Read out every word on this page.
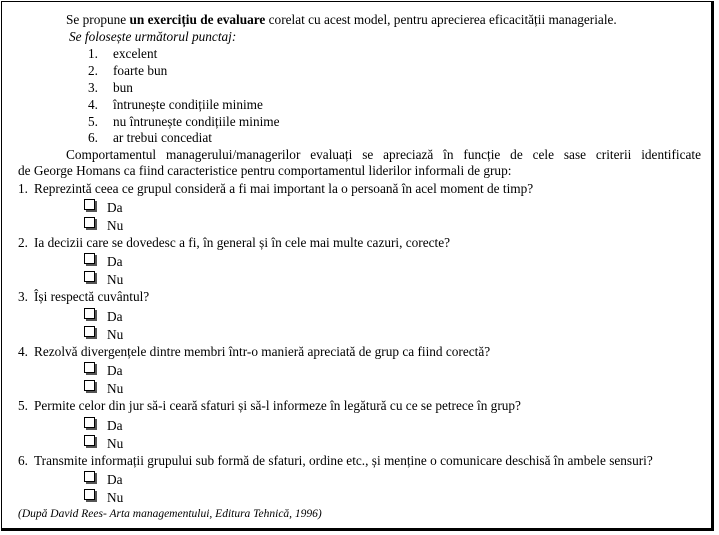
Se propune un exercițiu de evaluare corelat cu acest model, pentru aprecierea eficacității manageriale.
Se folosește următorul punctaj:
1. excelent
2. foarte bun
3. bun
4. întrunește condițiile minime
5. nu întrunește condițiile minime
6. ar trebui concediat
Comportamentul managerului/managerilor evaluați se apreciază în funcție de cele sase criterii identificate
de George Homans ca fiind caracteristice pentru comportamentul liderilor informali de grup:
1. Reprezintă ceea ce grupul consideră a fi mai important la o persoană în acel moment de timp?
Da
Nu
2. Ia decizii care se dovedesc a fi, în general și în cele mai multe cazuri, corecte?
Da
Nu
3. Își respectă cuvântul?
Da
Nu
4. Rezolvă divergențele dintre membri într-o manieră apreciată de grup ca fiind corectă?
Da
Nu
5. Permite celor din jur să-i ceară sfaturi și să-l informeze în legătură cu ce se petrece în grup?
Da
Nu
6. Transmite informații grupului sub formă de sfaturi, ordine etc., și menține o comunicare deschisă în ambele sensuri?
Da
Nu
(După David Rees- Arta managementului, Editura Tehnică, 1996)
